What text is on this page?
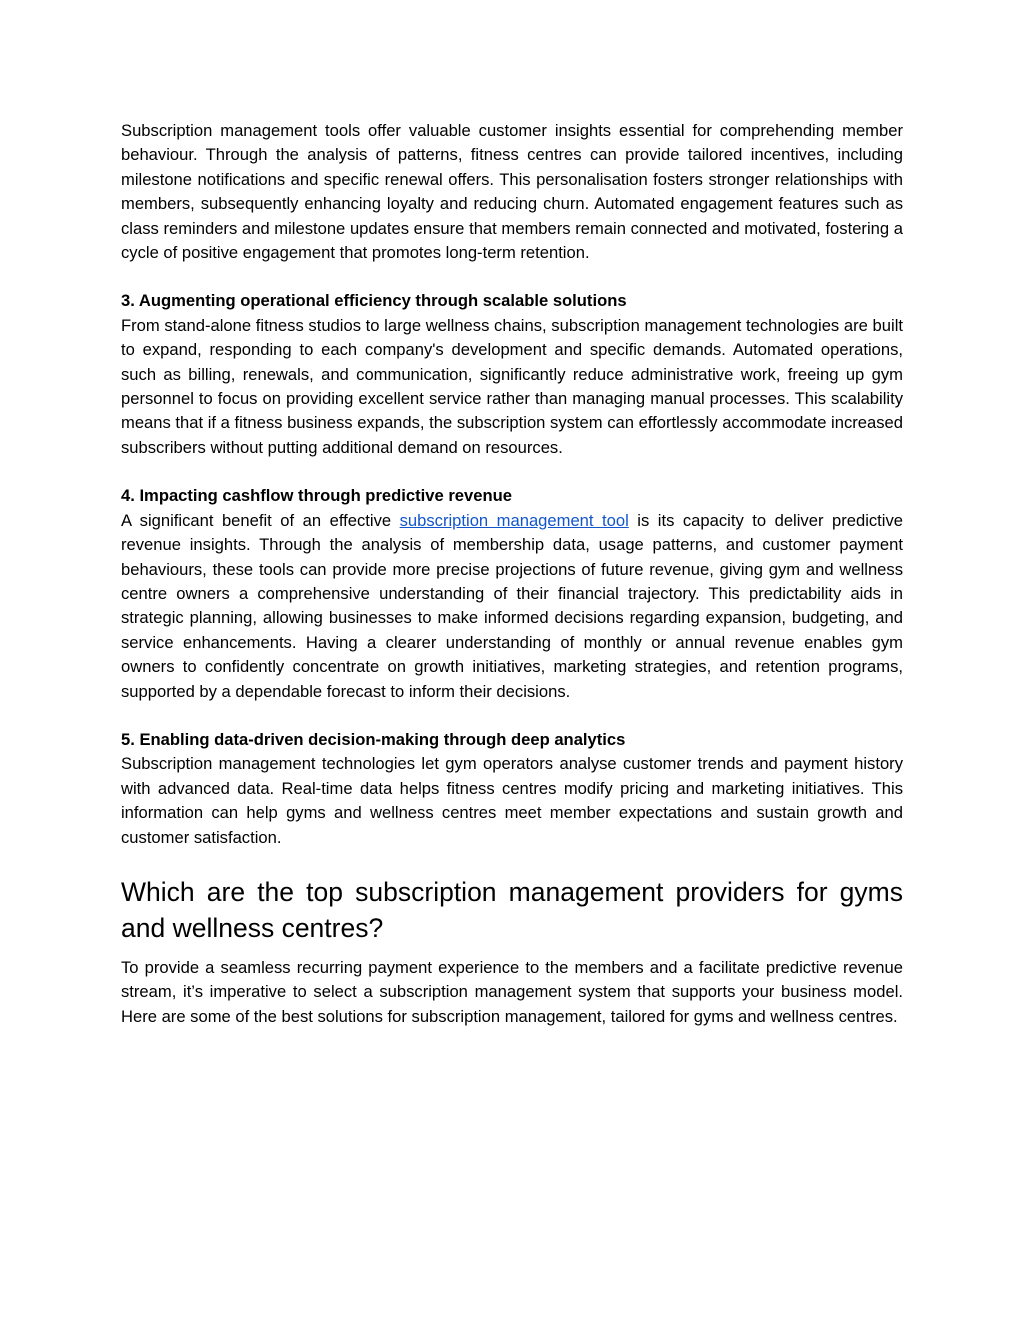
Subscription management tools offer valuable customer insights essential for comprehending member behaviour. Through the analysis of patterns, fitness centres can provide tailored incentives, including milestone notifications and specific renewal offers. This personalisation fosters stronger relationships with members, subsequently enhancing loyalty and reducing churn. Automated engagement features such as class reminders and milestone updates ensure that members remain connected and motivated, fostering a cycle of positive engagement that promotes long-term retention.

3. Augmenting operational efficiency through scalable solutions

From stand-alone fitness studios to large wellness chains, subscription management technologies are built to expand, responding to each company's development and specific demands. Automated operations, such as billing, renewals, and communication, significantly reduce administrative work, freeing up gym personnel to focus on providing excellent service rather than managing manual processes. This scalability means that if a fitness business expands, the subscription system can effortlessly accommodate increased subscribers without putting additional demand on resources.

4. Impacting cashflow through predictive revenue

A significant benefit of an effective subscription management tool is its capacity to deliver predictive revenue insights. Through the analysis of membership data, usage patterns, and customer payment behaviours, these tools can provide more precise projections of future revenue, giving gym and wellness centre owners a comprehensive understanding of their financial trajectory. This predictability aids in strategic planning, allowing businesses to make informed decisions regarding expansion, budgeting, and service enhancements. Having a clearer understanding of monthly or annual revenue enables gym owners to confidently concentrate on growth initiatives, marketing strategies, and retention programs, supported by a dependable forecast to inform their decisions.

5. Enabling data-driven decision-making through deep analytics

Subscription management technologies let gym operators analyse customer trends and payment history with advanced data. Real-time data helps fitness centres modify pricing and marketing initiatives. This information can help gyms and wellness centres meet member expectations and sustain growth and customer satisfaction.

Which are the top subscription management providers for gyms and wellness centres?

To provide a seamless recurring payment experience to the members and a facilitate predictive revenue stream, it’s imperative to select a subscription management system that supports your business model. Here are some of the best solutions for subscription management, tailored for gyms and wellness centres.
